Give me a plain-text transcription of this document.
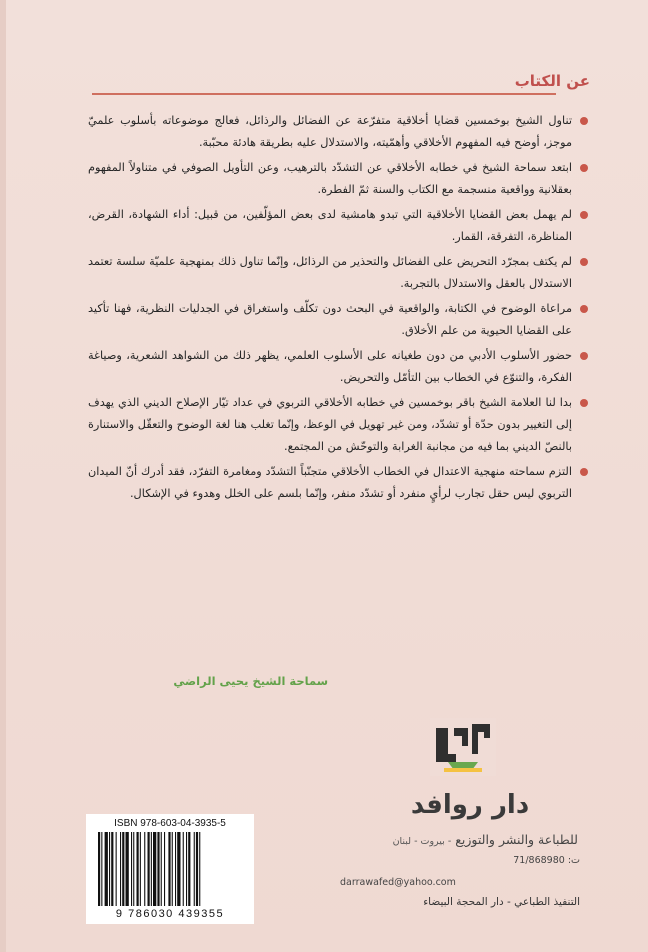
عن الكتاب
تناول الشيخ بوخمسين قضايا أخلاقية متفرّعة عن الفضائل والرذائل، فعالج موضوعاته بأسلوب علميّ موجز، أوضح فيه المفهوم الأخلاقي وأهمّيته، والاستدلال عليه بطريقة هادئة محبّبة.
ابتعد سماحة الشيخ في خطابه الأخلاقي عن التشدّد بالترهيب، وعن التأويل الصوفي في متناولاً المفهوم بعقلانية وواقعية منسجمة مع الكتاب والسنة ثمّ الفطرة.
لم يهمل بعض القضايا الأخلاقية التي تبدو هامشية لدى بعض المؤلّفين، من قبيل: أداء الشهادة، القرض، المناظرة، التفرقة، القمار.
لم يكتف بمجرّد التحريض على الفضائل والتحذير من الرذائل، وإنّما تناول ذلك بمنهجية علميّة سلسة تعتمد الاستدلال بالعقل والاستدلال بالتجربة.
مراعاة الوضوح في الكتابة، والواقعية في البحث دون تكلّف واستغراق في الجدليات النظرية، فهنا تأكيد على القضايا الحيوية من علم الأخلاق.
حضور الأسلوب الأدبي من دون طغيانه على الأسلوب العلمي، يظهر ذلك من الشواهد الشعرية، وصياغة الفكرة، والتنوّع في الخطاب بين التأمّل والتحريض.
بدا لنا العلامة الشيخ باقر بوخمسين في خطابه الأخلاقي التربوي في عداد تيّار الإصلاح الديني الذي يهدف إلى التغيير بدون حدّة أو تشدّد، ومن غير تهويل في الوعظ، وإنّما تغلب هنا لغة الوضوح والتعقّل والاستنارة بالنصّ الديني بما فيه من مجانبة الغرابة والتوحّش من المجتمع.
التزم سماحته منهجية الاعتدال في الخطاب الأخلاقي متجنّباً التشدّد ومغامرة التفرّد، فقد أدرك أنّ الميدان التربوي ليس حقل تجارب لرأيٍ منفرد أو تشدّد منفر، وإنّما بلسم على الخلل وهدوء في الإشكال.
سماحة الشيخ يحيى الراضي
دار روافد
للطباعة والنشر والتوزيع - بيروت - لبنان
ت: 71/868980
darrawafed@yahoo.com
التنفيذ الطباعي - دار المحجة البيضاء
ISBN 978-603-04-3935-5
9 786030 439355
